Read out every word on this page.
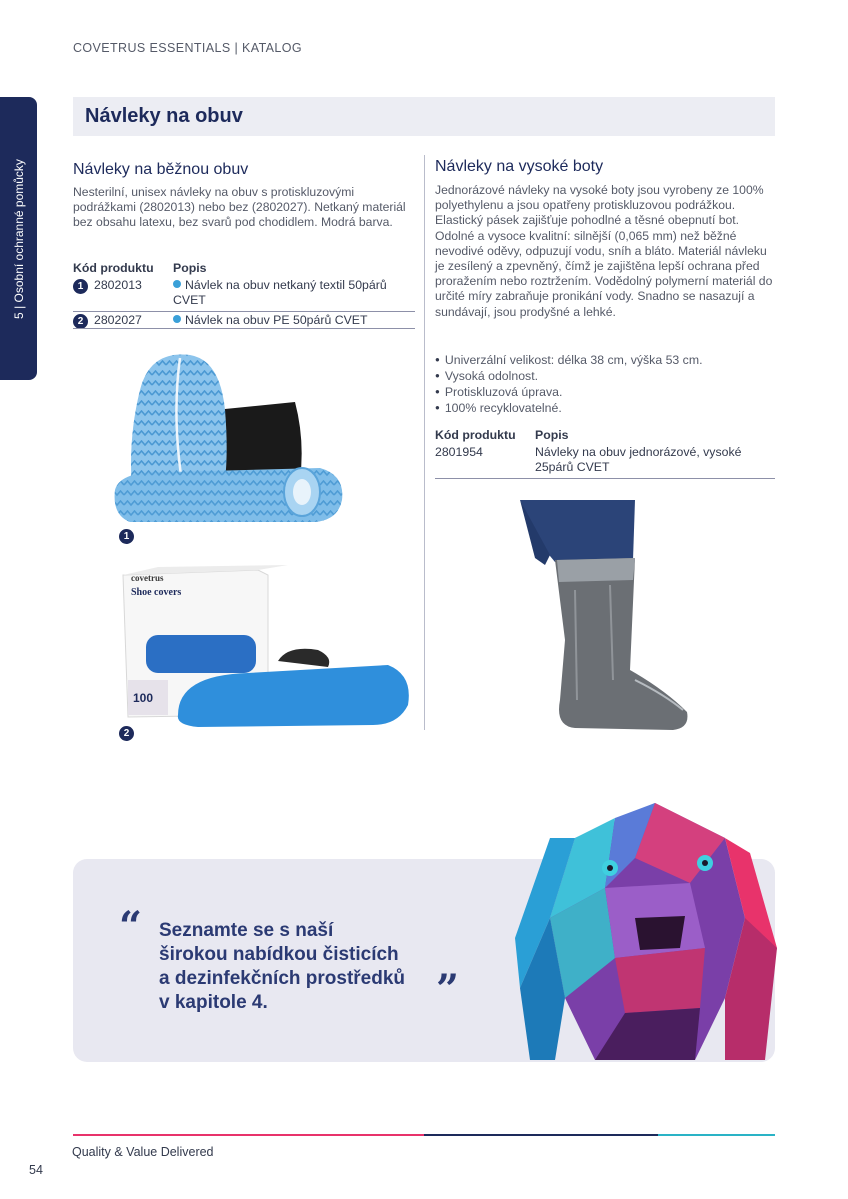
COVETRUS ESSENTIALS | KATALOG
5 | Osobní ochranné pomůcky
Návleky na obuv
Návleky na běžnou obuv

Nesterilní, unisex návleky na obuv s protiskluzovými podrážkami (2802013) nebo bez (2802027). Netkaný materiál bez obsahu latexu, bez svarů pod chodidlem. Modrá barva.

Kód produktu Popis
1 2802013	Návlek na obuv netkaný textil 50párů CVET
2 2802027	Návlek na obuv PE 50párů CVET
1
covetrus
Shoe covers
100
2
Návleky na vysoké boty

Jednorázové návleky na vysoké boty jsou vyrobeny ze 100% polyethylenu a jsou opatřeny protiskluzovou podrážkou. Elastický pásek zajišťuje pohodlné a těsné obepnutí bot. Odolné a vysoce kvalitní: silnější (0,065 mm) než běžné nevodivé oděvy, odpuzují vodu, sníh a bláto. Materiál návleku je zesílený a zpevněný, čímž je zajištěna lepší ochrana před proražením nebo roztržením. Vodědolný polymerní materiál do určité míry zabraňuje pronikání vody. Snadno se nasazují a sundávají, jsou prodyšné a lehké.

● Univerzální velikost: délka 38 cm, výška 53 cm.
● Vysoká odolnost.
● Protiskluzová úprava.
● 100% recyklovatelné.
Kód produktu Popis
2801954	Návleky na obuv jednorázové, vysoké 25párů CVET
“ Seznamte se s naší
širokou nabídkou čisticích
a dezinfekčních prostředků
v kapitole 4.	”
Quality & Value Delivered
54
